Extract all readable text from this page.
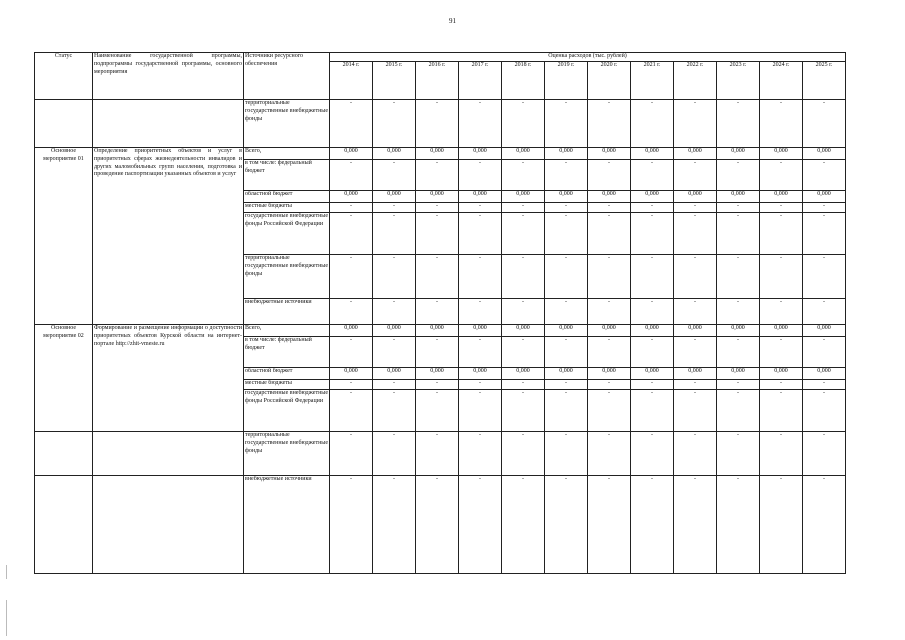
91
Статус	Наименование государственной программы, подпрограммы государственной программы, основного мероприятия	Источники ресурсного обеспечения	Оценка расходов (тыс. рублей)											
			2014 г.	2015 г.	2016 г.	2017 г.	2018 г.	2019 г.	2020 г.	2021 г.	2022 г.	2023 г.	2024 г.	2025 г.
		территориальные государственные внебюджетные фонды	-	-	-	-	-	-	-	-	-	-	-	-
Основное мероприятие 01	Определение приоритетных объектов и услуг в приоритетных сферах жизнедеятельности инвалидов и других маломобильных групп населения, подготовка и проведение паспортизации указанных объектов и услуг	Всего,	0,000	0,000	0,000	0,000	0,000	0,000	0,000	0,000	0,000	0,000	0,000	0,000
		в том числе: федеральный бюджет	-	-	-	-	-	-	-	-	-	-	-	-
		областной бюджет	0,000	0,000	0,000	0,000	0,000	0,000	0,000	0,000	0,000	0,000	0,000	0,000
		местные бюджеты	-	-	-	-	-	-	-	-	-	-	-	-
		государственные внебюджетные фонды Российской Федерации	-	-	-	-	-	-	-	-	-	-	-	-
		территориальные государственные внебюджетные фонды	-	-	-	-	-	-	-	-	-	-	-	-
		внебюджетные источники	-	-	-	-	-	-	-	-	-	-	-	-
Основное мероприятие 02	Формирование и размещение информации о доступности приоритетных объектов Курской области на интернет-портале http://zhit-vmeste.ru	Всего,	0,000	0,000	0,000	0,000	0,000	0,000	0,000	0,000	0,000	0,000	0,000	0,000
		в том числе: федеральный бюджет	-	-	-	-	-	-	-	-	-	-	-	-
		областной бюджет	0,000	0,000	0,000	0,000	0,000	0,000	0,000	0,000	0,000	0,000	0,000	0,000
		местные бюджеты	-	-	-	-	-	-	-	-	-	-	-	-
		государственные внебюджетные фонды Российской Федерации	-	-	-	-	-	-	-	-	-	-	-	-
		территориальные государственные внебюджетные фонды	-	-	-	-	-	-	-	-	-	-	-	-
		внебюджетные источники	-	-	-	-	-	-	-	-	-	-	-	-
